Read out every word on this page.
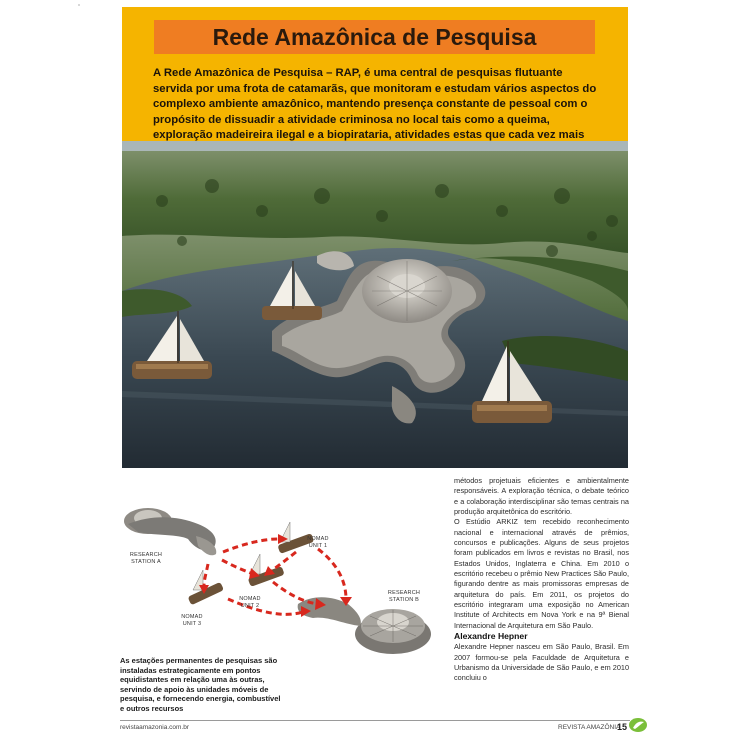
Rede Amazônica de Pesquisa
A Rede Amazônica de Pesquisa – RAP, é uma central de pesquisas flutuante servida por uma frota de catamarãs, que monitoram e estudam vários aspectos do complexo ambiente amazônico, mantendo presença constante de pessoal com o propósito de dissuadir a atividade criminosa no local tais como a queima, exploração madeireira ilegal e a biopirataria, atividades estas que cada vez mais
RESEARCH
STATION A
RESEARCH
STATION B
NOMAD
UNIT 1
NOMAD
UNIT 2
NOMAD
UNIT 3
As estações permanentes de pesquisas são instaladas estrategicamente em pontos equidistantes em relação uma às outras, servindo de apoio às unidades móveis de pesquisa, e fornecendo energia, combustível e outros recursos

métodos projetuais eficientes e ambientalmente responsáveis. A exploração técnica, o debate teórico e a colaboração interdisciplinar são temas centrais na produção arquitetônica do escritório.

O Estúdio ARKIZ tem recebido reconhecimento nacional e internacional através de prêmios, concursos e publicações. Alguns de seus projetos foram publicados em livros e revistas no Brasil, nos Estados Unidos, Inglaterra e China. Em 2010 o escritório recebeu o prêmio New Practices São Paulo, figurando dentre as mais promissoras empresas de arquitetura do país. Em 2011, os projetos do escritório integraram uma exposição no American Institute of Architects em Nova York e na 9ª Bienal Internacional de Arquitetura em São Paulo.

Alexandre Hepner

Alexandre Hepner nasceu em São Paulo, Brasil. Em 2007 formou-se pela Faculdade de Arquitetura e Urbanismo da Universidade de São Paulo, e em 2010 concluiu o

revistaamazonia.com.br	REVISTA AMAZÔNIA
15
